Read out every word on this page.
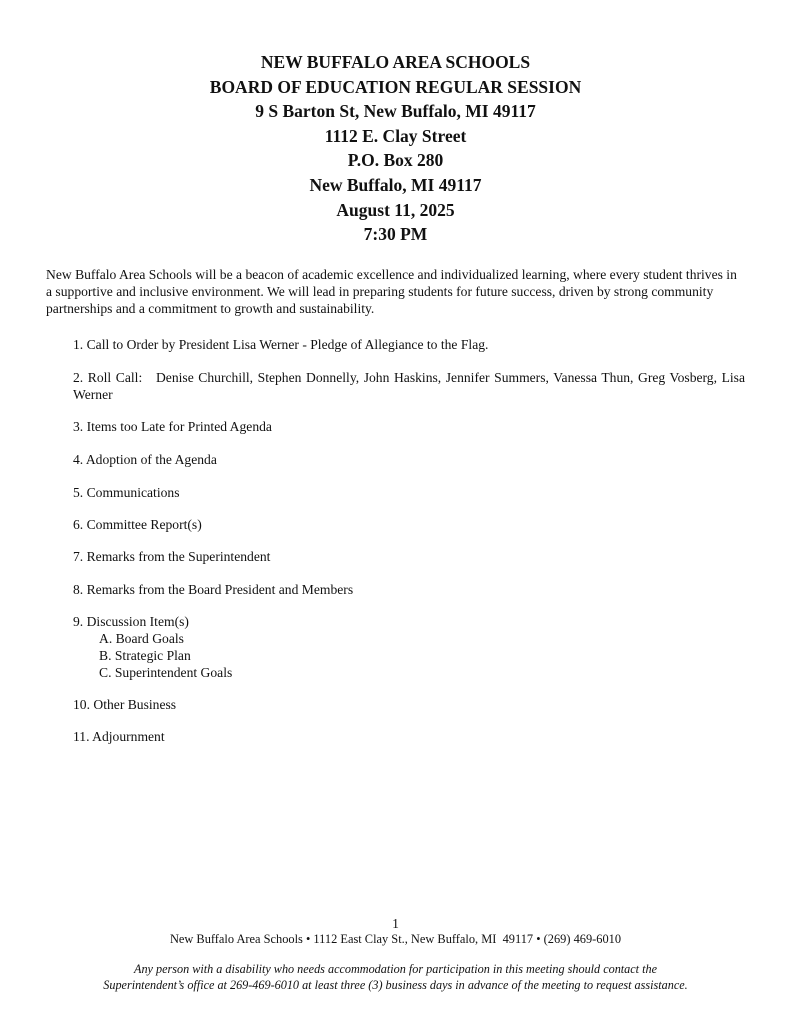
NEW BUFFALO AREA SCHOOLS
BOARD OF EDUCATION REGULAR SESSION
9 S Barton St, New Buffalo, MI 49117
1112 E. Clay Street
P.O. Box 280
New Buffalo, MI 49117
August 11, 2025
7:30 PM
New Buffalo Area Schools will be a beacon of academic excellence and individualized learning, where every student thrives in a supportive and inclusive environment. We will lead in preparing students for future success, driven by strong community partnerships and a commitment to growth and sustainability.
1. Call to Order by President Lisa Werner - Pledge of Allegiance to the Flag.
2. Roll Call:   Denise Churchill, Stephen Donnelly, John Haskins, Jennifer Summers, Vanessa Thun, Greg Vosberg, Lisa Werner
3. Items too Late for Printed Agenda
4. Adoption of the Agenda
5. Communications
6. Committee Report(s)
7. Remarks from the Superintendent
8. Remarks from the Board President and Members
9. Discussion Item(s)
A. Board Goals
B. Strategic Plan
C. Superintendent Goals
10. Other Business
11. Adjournment
1
New Buffalo Area Schools • 1112 East Clay St., New Buffalo, MI  49117 • (269) 469-6010
Any person with a disability who needs accommodation for participation in this meeting should contact the
Superintendent’s office at 269-469-6010 at least three (3) business days in advance of the meeting to request assistance.
